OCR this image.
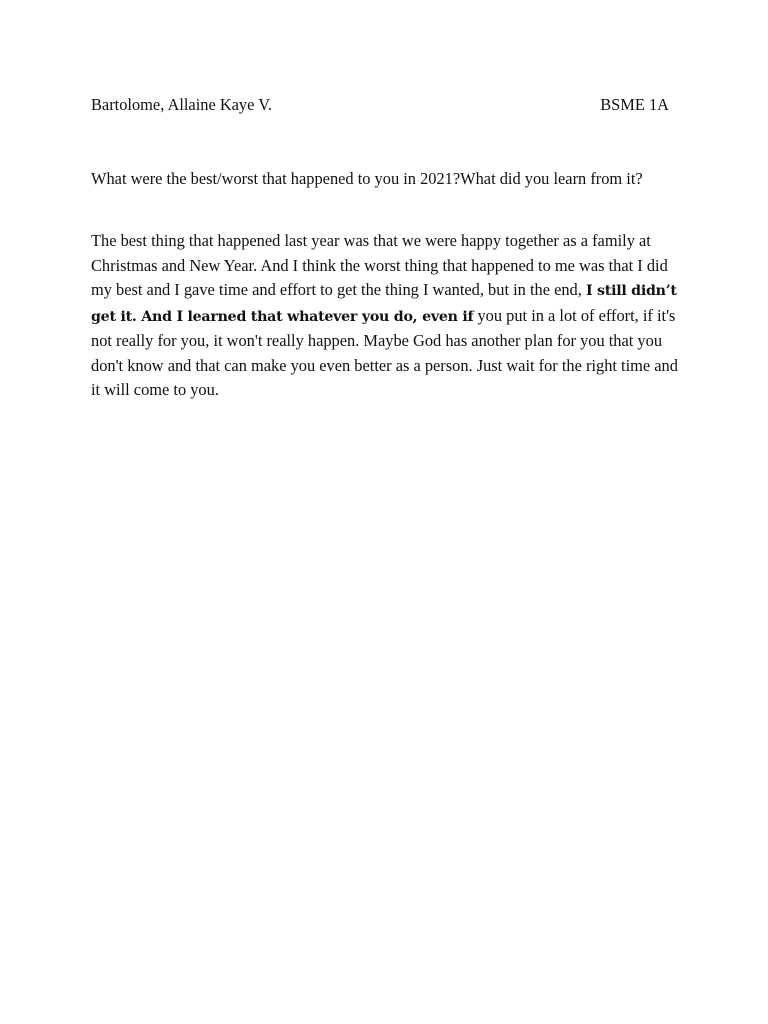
Bartolome, Allaine Kaye V.	BSME 1A

What were the best/worst that happened to you in 2021?What did you learn from it?

The best thing that happened last year was that we were happy together as a family at Christmas and New Year. And I think the worst thing that happened to me was that I did my best and I gave time and effort to get the thing I wanted, but in the end, I still didn’t get it. And I learned that whatever you do, even if you put in a lot of effort, if it's not really for you, it won't really happen. Maybe God has another plan for you that you don't know and that can make you even better as a person. Just wait for the right time and it will come to you.
